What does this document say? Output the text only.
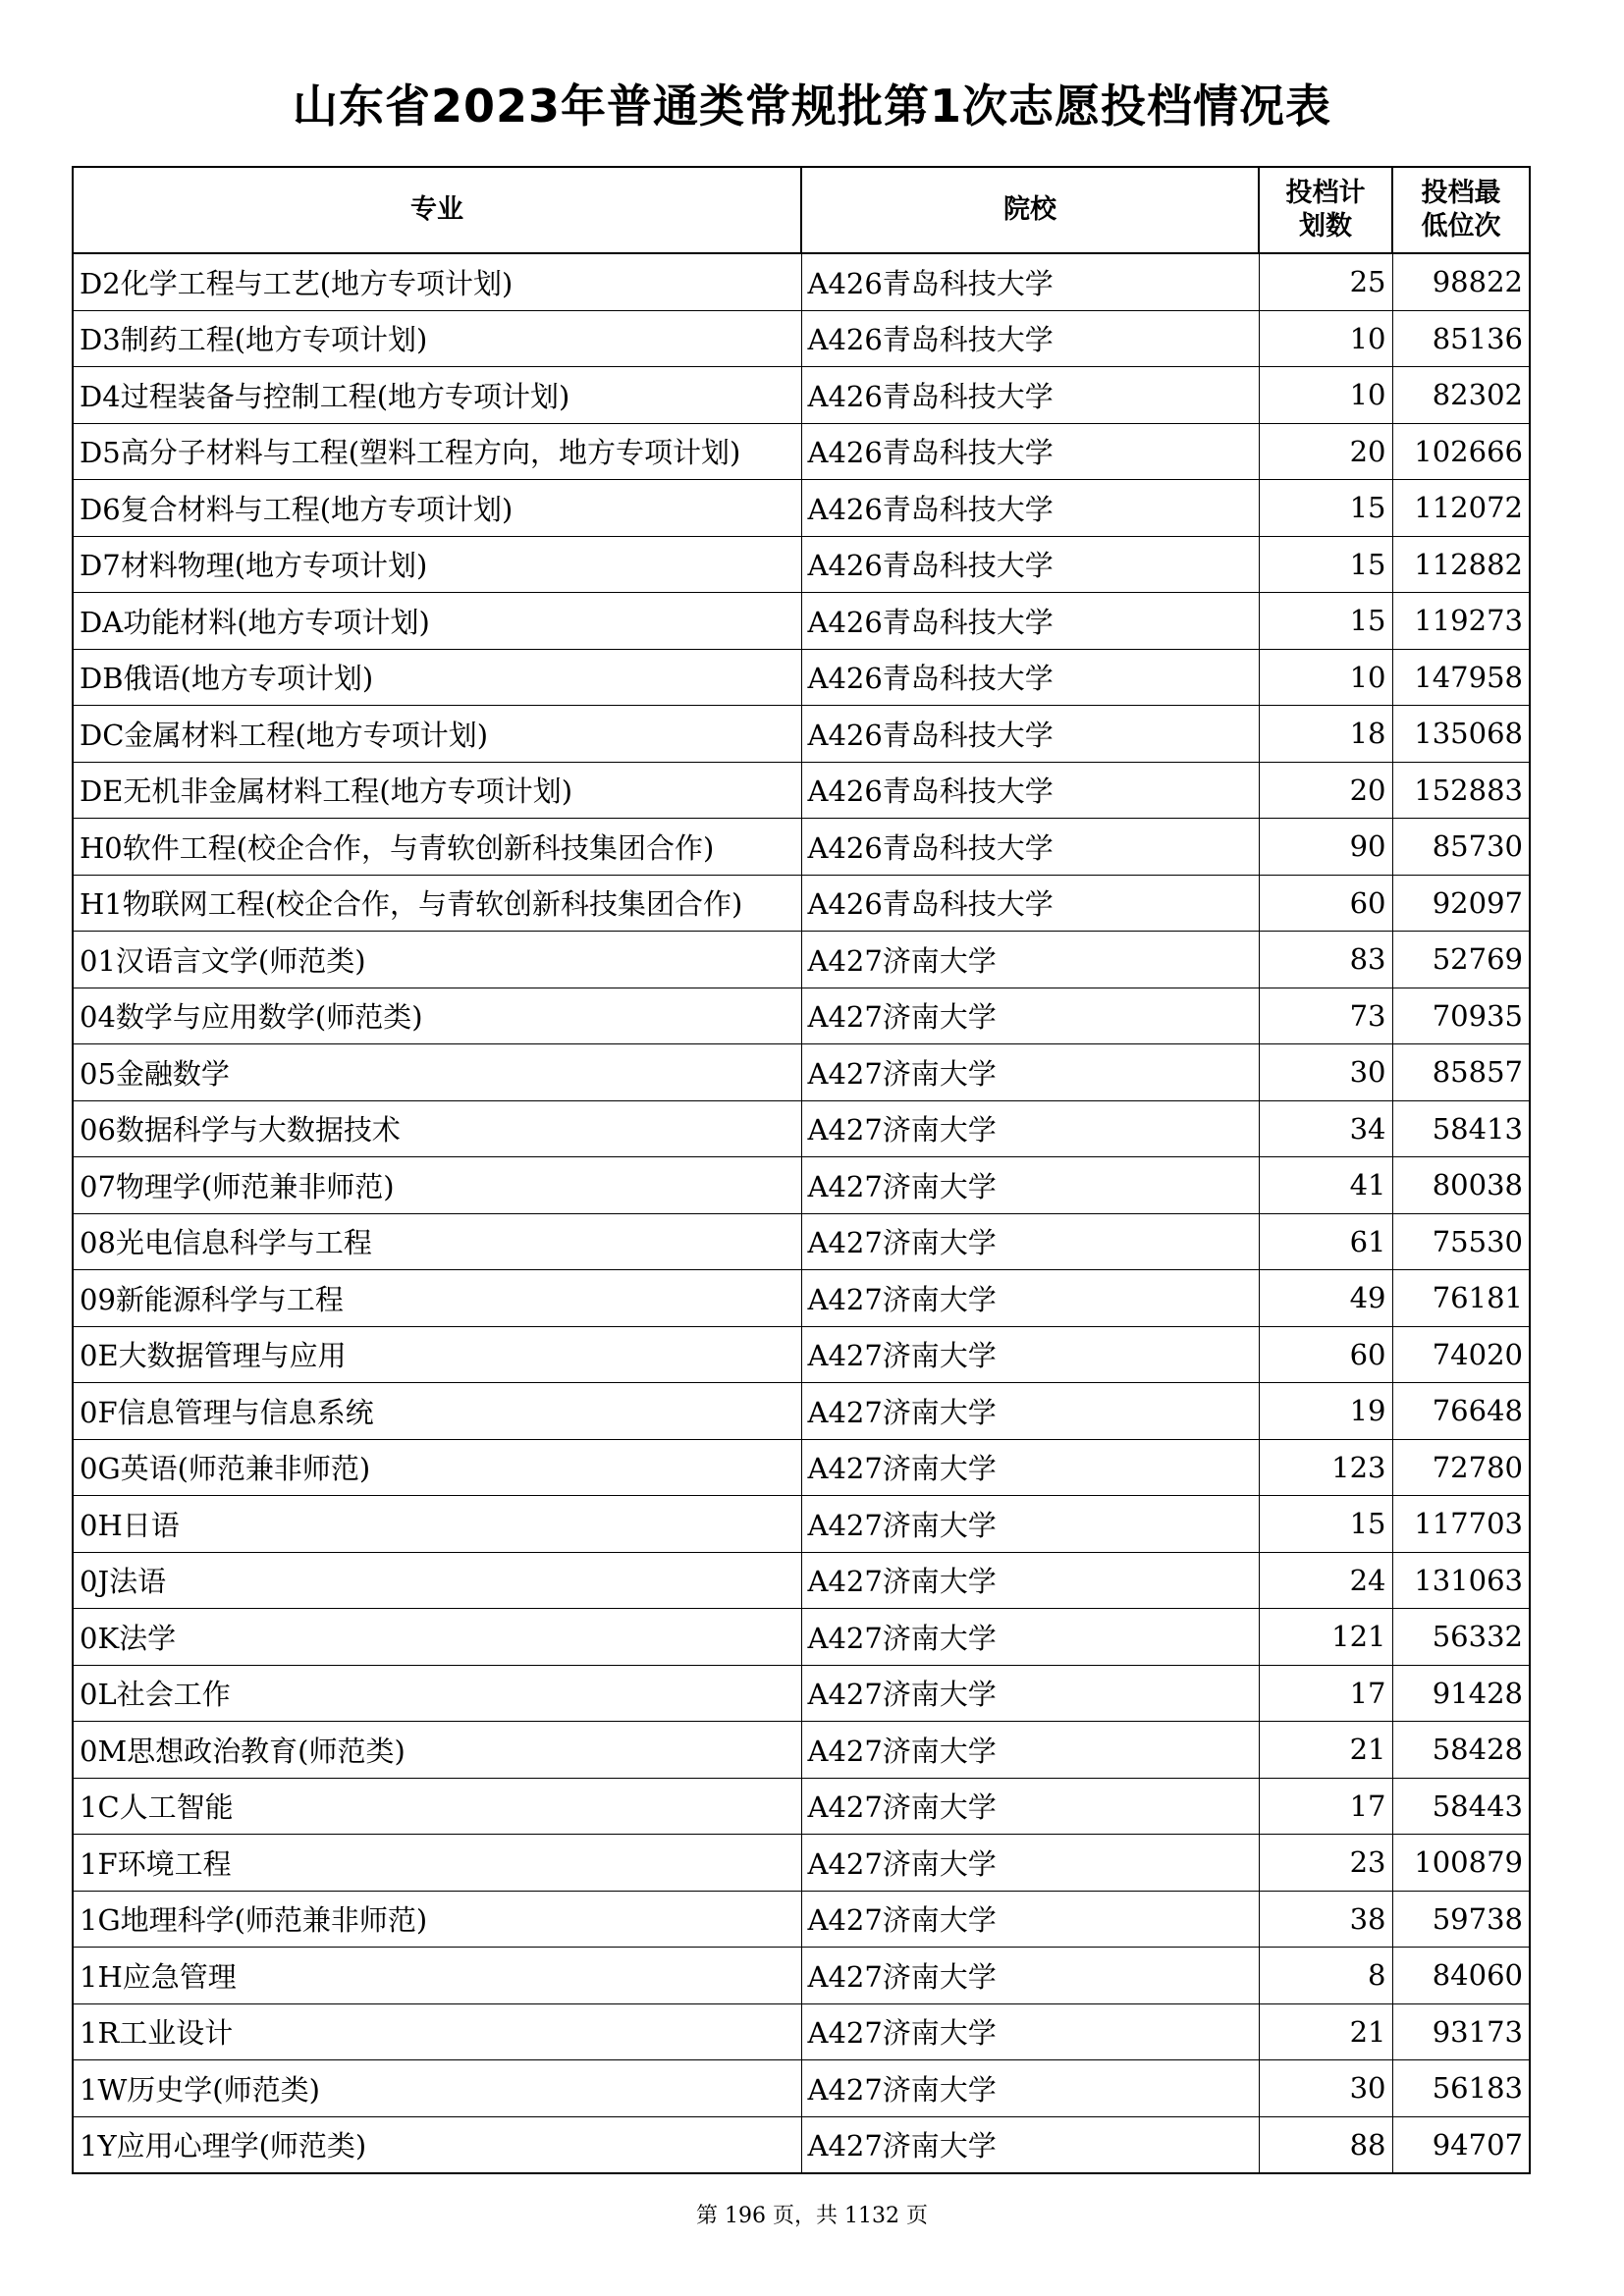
山东省2023年普通类常规批第1次志愿投档情况表
专业	院校	投档计划数	投档最低位次

D2化学工程与工艺(地方专项计划)	A426青岛科技大学	25	98822
D3制药工程(地方专项计划)	A426青岛科技大学	10	85136
D4过程装备与控制工程(地方专项计划)	A426青岛科技大学	10	82302
D5高分子材料与工程(塑料工程方向，地方专项计划)	A426青岛科技大学	20	102666
D6复合材料与工程(地方专项计划)	A426青岛科技大学	15	112072
D7材料物理(地方专项计划)	A426青岛科技大学	15	112882
DA功能材料(地方专项计划)	A426青岛科技大学	15	119273
DB俄语(地方专项计划)	A426青岛科技大学	10	147958
DC金属材料工程(地方专项计划)	A426青岛科技大学	18	135068
DE无机非金属材料工程(地方专项计划)	A426青岛科技大学	20	152883
H0软件工程(校企合作，与青软创新科技集团合作)	A426青岛科技大学	90	85730
H1物联网工程(校企合作，与青软创新科技集团合作)	A426青岛科技大学	60	92097
01汉语言文学(师范类)	A427济南大学	83	52769
04数学与应用数学(师范类)	A427济南大学	73	70935
05金融数学	A427济南大学	30	85857
06数据科学与大数据技术	A427济南大学	34	58413
07物理学(师范兼非师范)	A427济南大学	41	80038
08光电信息科学与工程	A427济南大学	61	75530
09新能源科学与工程	A427济南大学	49	76181
0E大数据管理与应用	A427济南大学	60	74020
0F信息管理与信息系统	A427济南大学	19	76648
0G英语(师范兼非师范)	A427济南大学	123	72780
0H日语	A427济南大学	15	117703
0J法语	A427济南大学	24	131063
0K法学	A427济南大学	121	56332
0L社会工作	A427济南大学	17	91428
0M思想政治教育(师范类)	A427济南大学	21	58428
1C人工智能	A427济南大学	17	58443
1F环境工程	A427济南大学	23	100879
1G地理科学(师范兼非师范)	A427济南大学	38	59738
1H应急管理	A427济南大学	8	84060
1R工业设计	A427济南大学	21	93173
1W历史学(师范类)	A427济南大学	30	56183
1Y应用心理学(师范类)	A427济南大学	88	94707
第 196 页，共 1132 页
